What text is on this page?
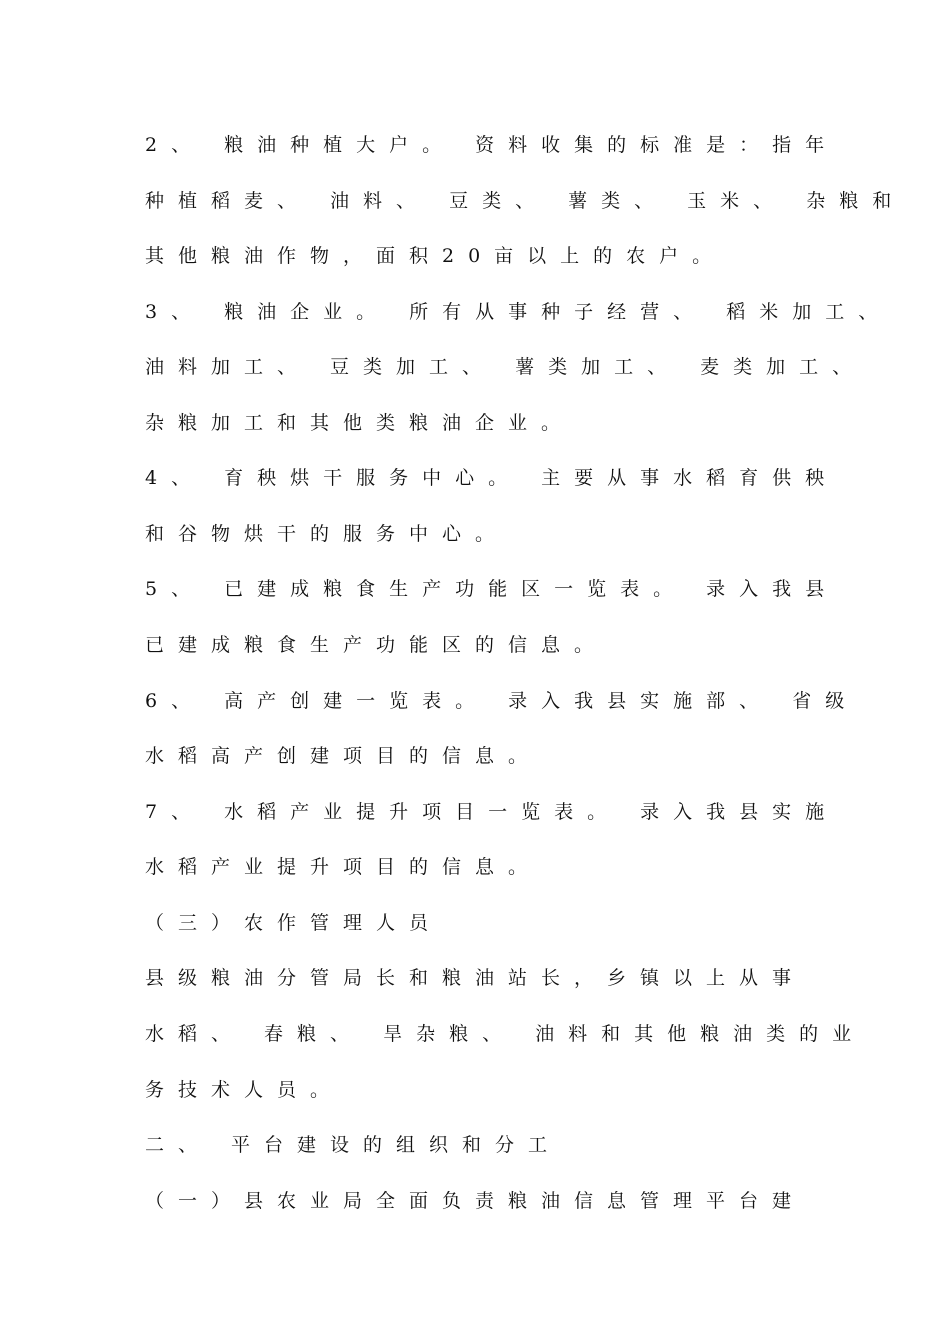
2、 粮油种植大户。 资料收集的标准是：指年
种植稻麦、 油料、 豆类、 薯类、 玉米、 杂粮和
其他粮油作物，面积20亩以上的农户。
3、 粮油企业。 所有从事种子经营、 稻米加工、
油料加工、 豆类加工、 薯类加工、 麦类加工、
杂粮加工和其他类粮油企业。
4、 育秧烘干服务中心。 主要从事水稻育供秧
和谷物烘干的服务中心。
5、 已建成粮食生产功能区一览表。 录入我县
已建成粮食生产功能区的信息。
6、 高产创建一览表。 录入我县实施部、 省级
水稻高产创建项目的信息。
7、 水稻产业提升项目一览表。 录入我县实施
水稻产业提升项目的信息。
（三）农作管理人员
县级粮油分管局长和粮油站长，乡镇以上从事
水稻、 春粮、 旱杂粮、 油料和其他粮油类的业
务技术人员。
二、 平台建设的组织和分工
（一）县农业局全面负责粮油信息管理平台建
